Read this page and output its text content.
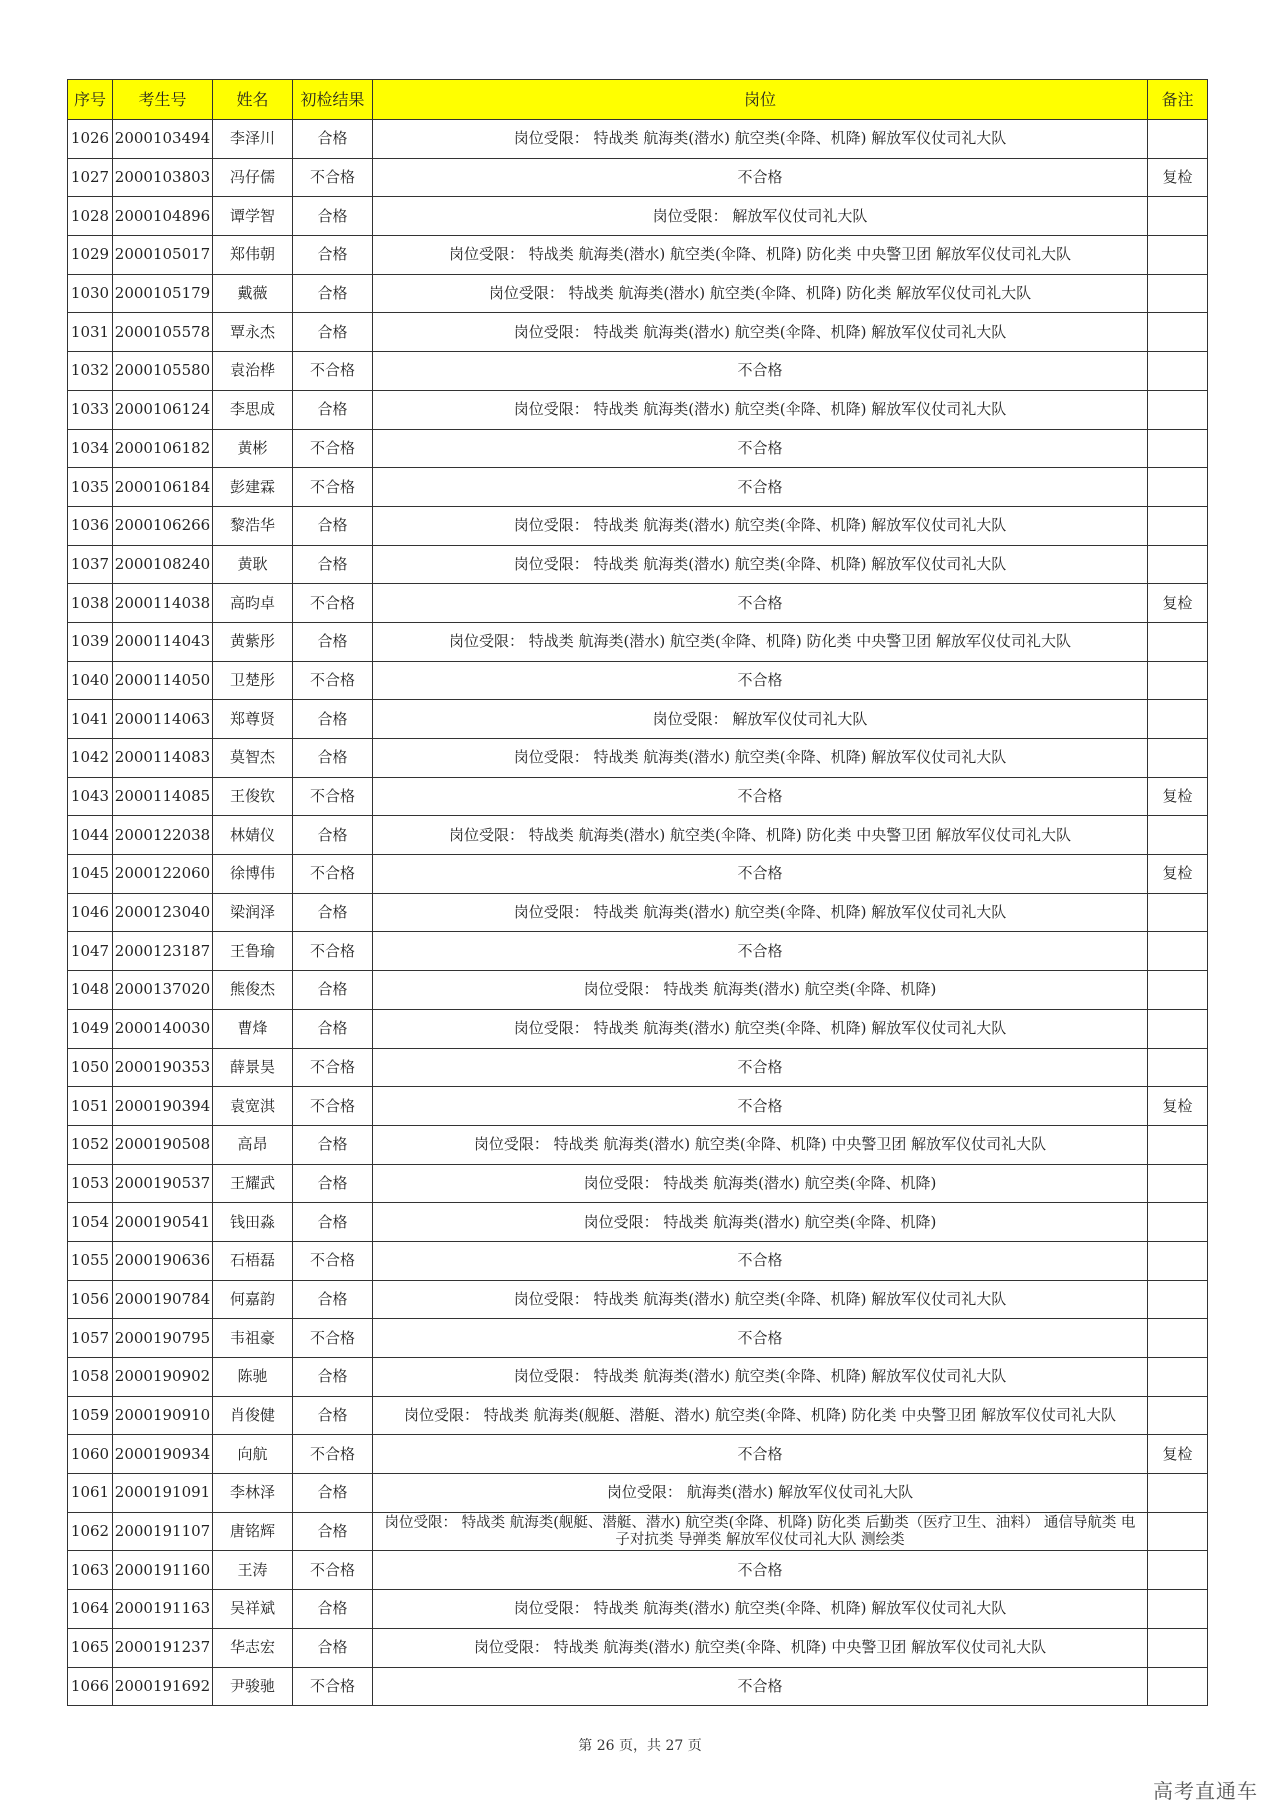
序号	考生号	姓名	初检结果	岗位	备注
1026	2000103494	李泽川	合格	岗位受限： 特战类 航海类(潜水) 航空类(伞降、机降) 解放军仪仗司礼大队	
1027	2000103803	冯仔儒	不合格	不合格	复检
1028	2000104896	谭学智	合格	岗位受限： 解放军仪仗司礼大队	
1029	2000105017	郑伟朝	合格	岗位受限： 特战类 航海类(潜水) 航空类(伞降、机降) 防化类 中央警卫团 解放军仪仗司礼大队	
1030	2000105179	戴薇	合格	岗位受限： 特战类 航海类(潜水) 航空类(伞降、机降) 防化类 解放军仪仗司礼大队	
1031	2000105578	覃永杰	合格	岗位受限： 特战类 航海类(潜水) 航空类(伞降、机降) 解放军仪仗司礼大队	
1032	2000105580	袁治桦	不合格	不合格	
1033	2000106124	李思成	合格	岗位受限： 特战类 航海类(潜水) 航空类(伞降、机降) 解放军仪仗司礼大队	
1034	2000106182	黄彬	不合格	不合格	
1035	2000106184	彭建霖	不合格	不合格	
1036	2000106266	黎浩华	合格	岗位受限： 特战类 航海类(潜水) 航空类(伞降、机降) 解放军仪仗司礼大队	
1037	2000108240	黄耿	合格	岗位受限： 特战类 航海类(潜水) 航空类(伞降、机降) 解放军仪仗司礼大队	
1038	2000114038	高昀卓	不合格	不合格	复检
1039	2000114043	黄紫彤	合格	岗位受限： 特战类 航海类(潜水) 航空类(伞降、机降) 防化类 中央警卫团 解放军仪仗司礼大队	
1040	2000114050	卫楚彤	不合格	不合格	
1041	2000114063	郑尊贤	合格	岗位受限： 解放军仪仗司礼大队	
1042	2000114083	莫智杰	合格	岗位受限： 特战类 航海类(潜水) 航空类(伞降、机降) 解放军仪仗司礼大队	
1043	2000114085	王俊钦	不合格	不合格	复检
1044	2000122038	林婧仪	合格	岗位受限： 特战类 航海类(潜水) 航空类(伞降、机降) 防化类 中央警卫团 解放军仪仗司礼大队	
1045	2000122060	徐博伟	不合格	不合格	复检
1046	2000123040	梁润泽	合格	岗位受限： 特战类 航海类(潜水) 航空类(伞降、机降) 解放军仪仗司礼大队	
1047	2000123187	王鲁瑜	不合格	不合格	
1048	2000137020	熊俊杰	合格	岗位受限： 特战类 航海类(潜水) 航空类(伞降、机降)	
1049	2000140030	曹烽	合格	岗位受限： 特战类 航海类(潜水) 航空类(伞降、机降) 解放军仪仗司礼大队	
1050	2000190353	薛景昊	不合格	不合格	
1051	2000190394	袁宽淇	不合格	不合格	复检
1052	2000190508	高昂	合格	岗位受限： 特战类 航海类(潜水) 航空类(伞降、机降) 中央警卫团 解放军仪仗司礼大队	
1053	2000190537	王耀武	合格	岗位受限： 特战类 航海类(潜水) 航空类(伞降、机降)	
1054	2000190541	钱田淼	合格	岗位受限： 特战类 航海类(潜水) 航空类(伞降、机降)	
1055	2000190636	石梧磊	不合格	不合格	
1056	2000190784	何嘉韵	合格	岗位受限： 特战类 航海类(潜水) 航空类(伞降、机降) 解放军仪仗司礼大队	
1057	2000190795	韦祖豪	不合格	不合格	
1058	2000190902	陈驰	合格	岗位受限： 特战类 航海类(潜水) 航空类(伞降、机降) 解放军仪仗司礼大队	
1059	2000190910	肖俊健	合格	岗位受限： 特战类 航海类(舰艇、潜艇、潜水) 航空类(伞降、机降) 防化类 中央警卫团 解放军仪仗司礼大队	
1060	2000190934	向航	不合格	不合格	复检
1061	2000191091	李林泽	合格	岗位受限： 航海类(潜水) 解放军仪仗司礼大队	
1062	2000191107	唐铭辉	合格	岗位受限： 特战类 航海类(舰艇、潜艇、潜水) 航空类(伞降、机降) 防化类 后勤类（医疗卫生、油料） 通信导航类 电子对抗类 导弹类 解放军仪仗司礼大队 测绘类	
1063	2000191160	王涛	不合格	不合格	
1064	2000191163	吴祥斌	合格	岗位受限： 特战类 航海类(潜水) 航空类(伞降、机降) 解放军仪仗司礼大队	
1065	2000191237	华志宏	合格	岗位受限： 特战类 航海类(潜水) 航空类(伞降、机降) 中央警卫团 解放军仪仗司礼大队	
1066	2000191692	尹骏驰	不合格	不合格	
第 26 页，共 27 页
高考直通车
